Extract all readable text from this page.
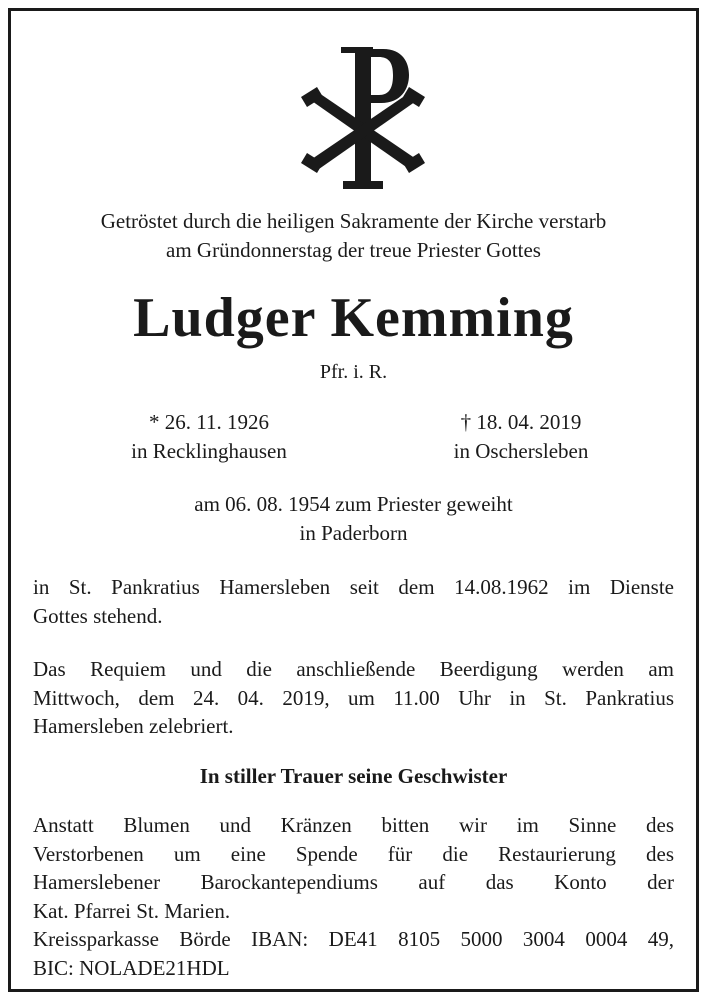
Getröstet durch die heiligen Sakramente der Kirche verstarb
am Gründonnerstag der treue Priester Gottes
Ludger Kemming
Pfr. i. R.
* 26. 11. 1926
in Recklinghausen
† 18. 04. 2019
in Oschersleben
am 06. 08. 1954 zum Priester geweiht
in Paderborn
in St. Pankratius Hamersleben seit dem 14.08.1962 im Dienste
Gottes stehend.
Das Requiem und die anschließende Beerdigung werden am
Mittwoch, dem 24. 04. 2019, um 11.00 Uhr in St. Pankratius
Hamersleben zelebriert.
In stiller Trauer seine Geschwister
Anstatt Blumen und Kränzen bitten wir im Sinne des
Verstorbenen um eine Spende für die Restaurierung des
Hamerslebener Barockantependiums auf das Konto der
Kat. Pfarrei St. Marien.
Kreissparkasse Börde IBAN: DE41 8105 5000 3004 0004 49,
BIC: NOLADE21HDL
